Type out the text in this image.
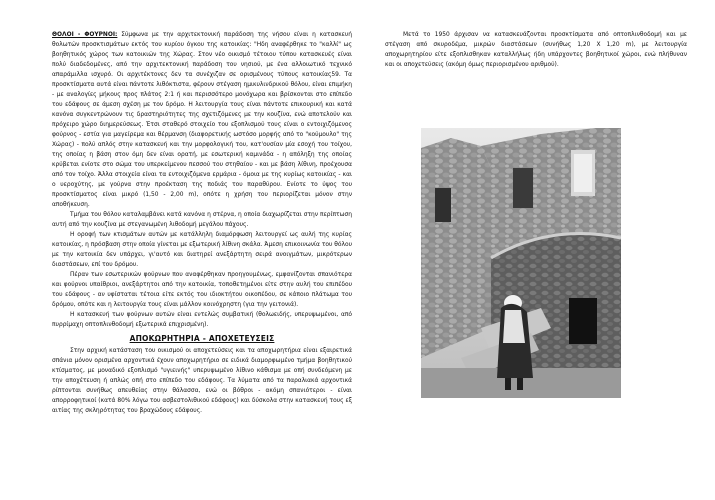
ΘΟΛΟΙ - ΦΟΥΡΝΟΙ: Σύμφωνα με την αρχιτεκτονική παράδοση της νήσου είναι η κατασκευή θολωτών προσκτισμάτων εκτός του κυρίου όγκου της κατοικίας: "Ηδη αναφέρθηκε το "καλλί" ως βοηθητικός χώρος των κατοικιών της Χώρας. Στον νέο οικισμό τέτοιου τύπου κατασκευές είναι πολύ διαδεδομένες, από την αρχιτεκτονική παράδοση του νησιού, με ένα αλλοιωτικό τεχνικό απαράμιλλα ισχυρό. Οι αρχιτέκτονες δεν τα συνέχιζαν σε ορισμένους τύπους κατοικίας59. Τα προσκτίσματα αυτά είναι πάντοτε λιθόκτιστα, φέρουν στέγαση ημικυλινδρικού θόλου, είναι επιμήκη - με αναλογίες μήκους προς πλάτος 2:1 ή και περισσότερο μονόχωρα και βρίσκονται στο επίπεδο του εδάφους σε άμεση σχέση με τον δρόμο. Η λειτουργία τους είναι πάντοτε επικουρική και κατά κανόνα συγκεντρώνουν τις δραστηριότητες της σχετιζόμενες με την κουζίνα, ενώ αποτελούν και πρόχειρο χώρο διημερεύσεως. Έτσι σταθερό στοιχείο του εξοπλισμού τους είναι ο εντοιχιζόμενος φούρνος - εστία για μαγείρεμα και θέρμανση (διαφορετικής ωστόσο μορφής από το "κούμουλο" της Χώρας) - πολύ απλός στην κατασκευή και την μορφολογική του, κατ'ουσίαν μία εσοχή του τοίχου, της οποίας η βάση στον όμη δεν είναι ορατή, με εσωτερική καμινάδα - η απόληξη της οποίας κρύβεται ενίοτε στο σώμα του υπερκείμενου πεσσού του στηθαίου - και με βάση λίθινη, προέχουσα από τον τοίχο. Άλλα στοιχεία είναι τα εντοιχιζόμενα ερμάρια - όμοια με της κυρίως κατοικίας - και ο υεροχύτης, με γούρνα στην προέκταση της ποδιάς του παραθύρου. Ενίοτε το ύψος του προσκτίσματος είναι μικρό (1,50 - 2,00 m), οπότε η χρήση του περιορίζεται μόνον στην αποθήκευση.

Τμήμα του θόλου καταλαμβάνει κατά κανόνα η στέρνα, η οποία διαχωρίζεται στην περίπτωση αυτή από την κουζίνα με στεγανωμένη λιθοδομή μεγάλου πάχους.

Η οροφή των κτισμάτων αυτών με κατάλληλη διαμόρφωση λειτουργεί ως αυλή της κυρίας κατοικίας, η πρόσβαση στην οποία γίνεται με εξωτερική λίθινη σκάλα. Άμεση επικοινωνία του θόλου με την κατοικία δεν υπάρχει, γι'αυτό και διατηρεί ανεξάρτητη σειρά ανοιγμάτων, μικρότερων διαστάσεων, επί του δρόμου.

Πέραν των εσωτερικών φούρνων που αναφέρθηκαν προηγουμένως, εμφανίζονται σπανιότερα και φούρνοι υπαίθριοι, ανεξάρτητοι από την κατοικία, τοποθετημένοι είτε στην αυλή του επιπέδου του εδάφους - αν υφίσταται τέτοια είτε εκτός του ιδιοκτήτου οικοπέδου, σε κάποιο πλάτωμα του δρόμου, οπότε και η λειτουργία τους είναι μάλλον κοινόχρηστη (για την γειτονιά).

Η κατασκευή των φούρνων αυτών είναι εντελώς συμβατική (θολωειδής, υπερυψωμένοι, από πυρρίμαχη οπτοπλινθοδομή εξωτερικά επιχρισμένη).

ΑΠΟΚΩΡΗΤΗΡΙΑ - ΑΠΟΧΕΤΕΥΣΕΙΣ

Στην αρχική κατάσταση του οικισμού οι αποχετεύσεις και τα αποχωρητήρια είναι εξαιρετικά σπάνια μόνον ορισμένα αρχοντικά έχουν αποχωρητήριο σε ειδικά διαμορφωμένο τμήμα βοηθητικού κτίσματος, με μοναδικό εξοπλισμό "υγιεινής" υπερυψωμένο λίθινο κάθισμα με οπή συνδεόμενη με την αποχέτευση ή απλώς οπή στο επίπεδο του εδάφους. Τα λύματα από τα παραλιακά αρχοντικά ρίπτονται συνήθως απευθείας στην θάλασσα, ενώ οι βόθροι - ακόμη σπανιότεροι - είναι απορροφητικοί (κατά 80% λόγω του ασβεστολιθικού εδάφους) και δύσκολα στην κατασκευή τους εξ αιτίας της σκληρότητας του βραχώδους εδάφους.

Μετά το 1950 άρχισαν να κατασκευάζονται προσκτίσματα από οπτοπλινθοδομή και με στέγαση από σκυροδέμα, μικρών διαστάσεων (συνήθως 1,20 Χ 1,20 m), με λειτουργία αποχωρητηρίου είτε εξοπλισθηκαν καταλλήλως ήδη υπάρχοντες βοηθητικοί χώροι, ενώ πλήθυναν και οι αποχετεύσεις (ακόμη όμως περιορισμένου αριθμού).
